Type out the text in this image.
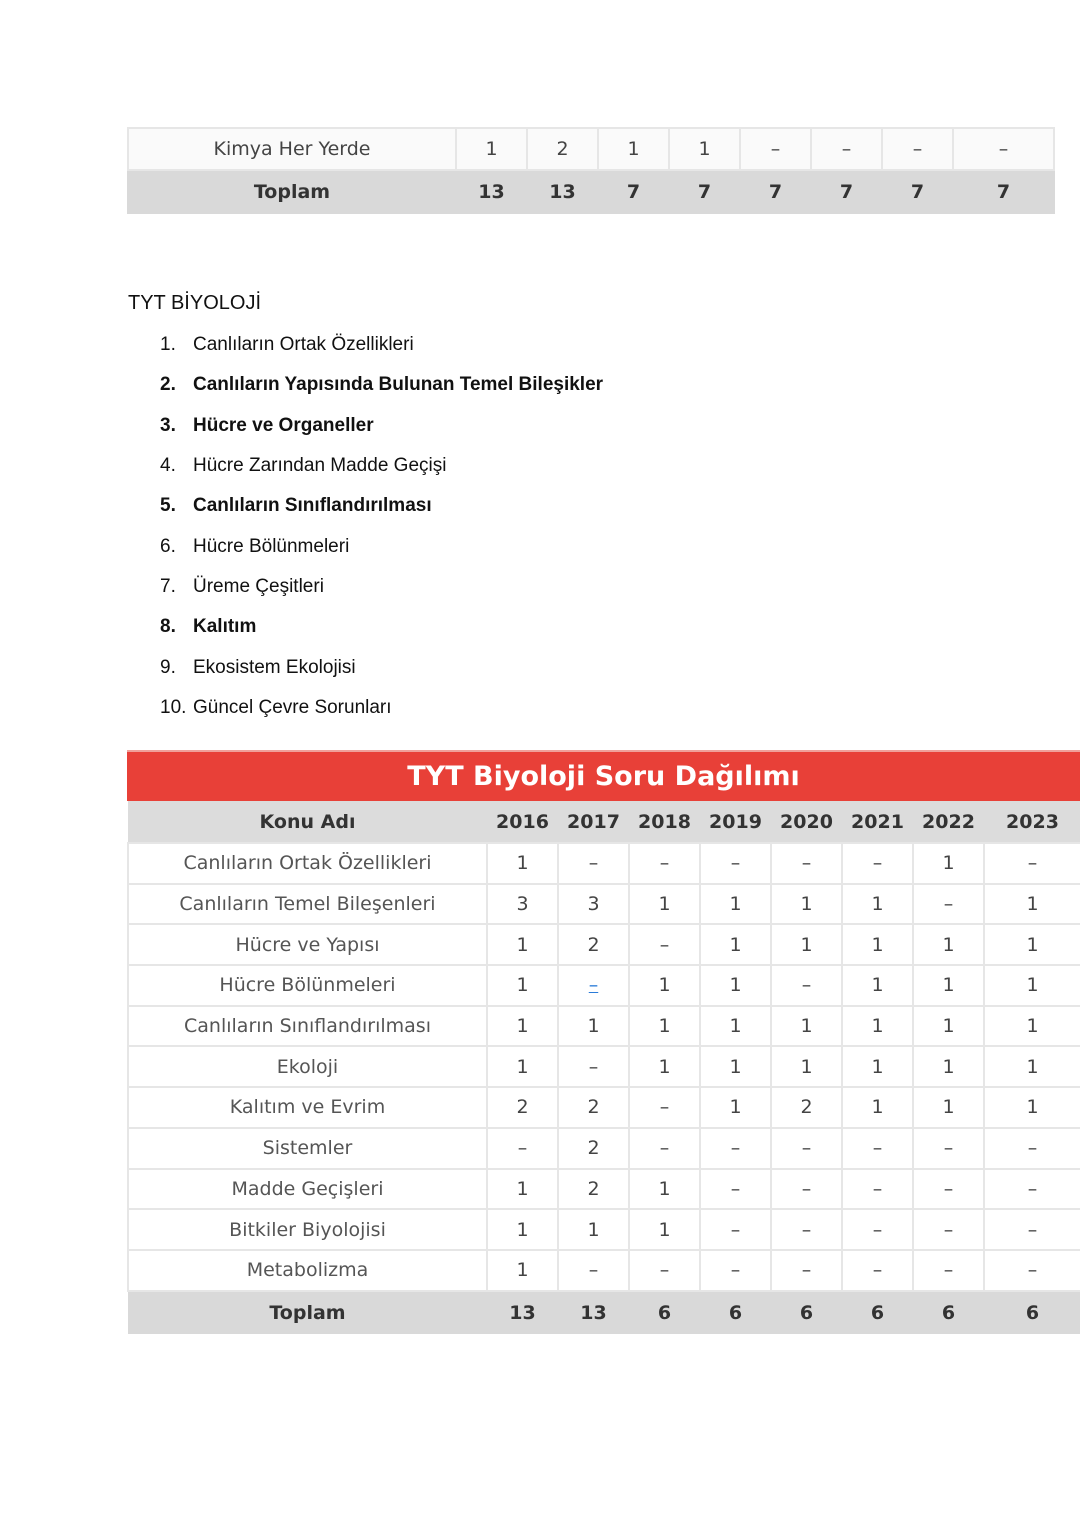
Kimya Her Yerde	1	2	1	1	–	–	–	–
Toplam	13	13	7	7	7	7	7	7
TYT BİYOLOJİ
1. Canlıların Ortak Özellikleri
2. Canlıların Yapısında Bulunan Temel Bileşikler
3. Hücre ve Organeller
4. Hücre Zarından Madde Geçişi
5. Canlıların Sınıflandırılması
6. Hücre Bölünmeleri
7. Üreme Çeşitleri
8. Kalıtım
9. Ekosistem Ekolojisi
10. Güncel Çevre Sorunları
TYT Biyoloji Soru Dağılımı
Konu Adı	2016	2017	2018	2019	2020	2021	2022	2023
Canlıların Ortak Özellikleri	1	–	–	–	–	–	1	–
Canlıların Temel Bileşenleri	3	3	1	1	1	1	–	1
Hücre ve Yapısı	1	2	–	1	1	1	1	1
Hücre Bölünmeleri	1	–	1	1	–	1	1	1
Canlıların Sınıflandırılması	1	1	1	1	1	1	1	1
Ekoloji	1	–	1	1	1	1	1	1
Kalıtım ve Evrim	2	2	–	1	2	1	1	1
Sistemler	–	2	–	–	–	–	–	–
Madde Geçişleri	1	2	1	–	–	–	–	–
Bitkiler Biyolojisi	1	1	1	–	–	–	–	–
Metabolizma	1	–	–	–	–	–	–	–
Toplam	13	13	6	6	6	6	6	6
